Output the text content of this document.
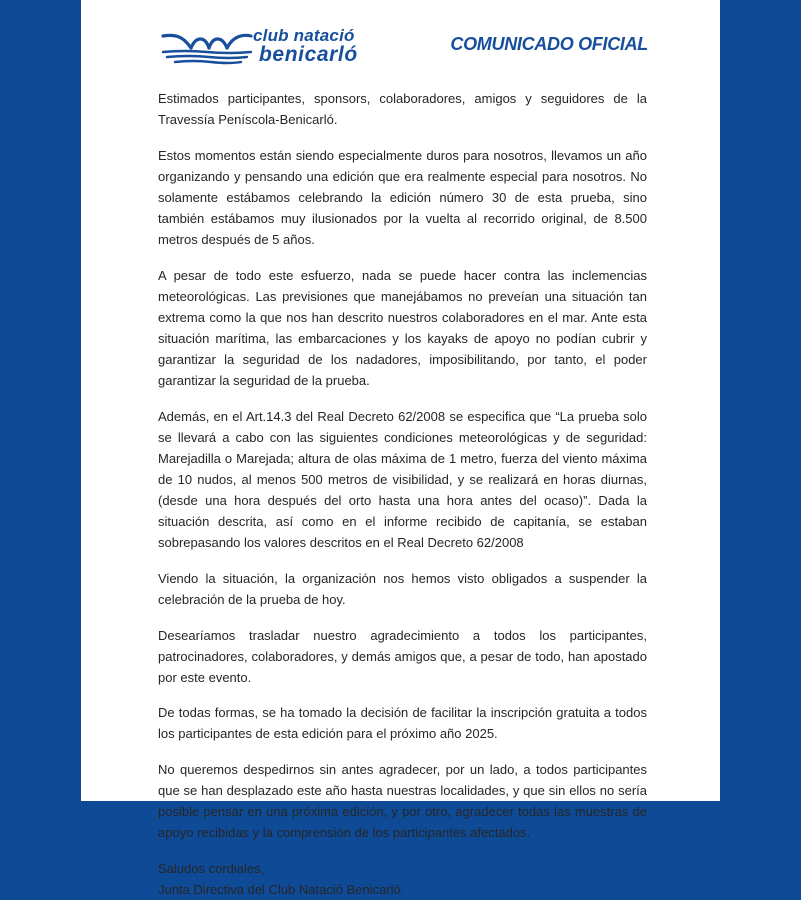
club natació
benicarló	COMUNICADO OFICIAL

Estimados participantes, sponsors, colaboradores, amigos y seguidores de la Travessía Peníscola-Benicarló.

Estos momentos están siendo especialmente duros para nosotros, llevamos un año organizando y pensando una edición que era realmente especial para nosotros. No solamente estábamos celebrando la edición número 30 de esta prueba, sino también estábamos muy ilusionados por la vuelta al recorrido original, de 8.500 metros después de 5 años.

A pesar de todo este esfuerzo, nada se puede hacer contra las inclemencias meteorológicas. Las previsiones que manejábamos no preveían una situación tan extrema como la que nos han descrito nuestros colaboradores en el mar. Ante esta situación marítima, las embarcaciones y los kayaks de apoyo no podían cubrir y garantizar la seguridad de los nadadores, imposibilitando, por tanto, el poder garantizar la seguridad de la prueba.

Además, en el Art.14.3 del Real Decreto 62/2008 se especifica que “La prueba solo se llevará a cabo con las siguientes condiciones meteorológicas y de seguridad: Marejadilla o Marejada; altura de olas máxima de 1 metro, fuerza del viento máxima de 10 nudos, al menos 500 metros de visibilidad, y se realizará en horas diurnas, (desde una hora después del orto hasta una hora antes del ocaso)”. Dada la situación descrita, así como en el informe recibido de capitanía, se estaban sobrepasando los valores descritos en el Real Decreto 62/2008

Viendo la situación, la organización nos hemos visto obligados a suspender la celebración de la prueba de hoy.

Desearíamos trasladar nuestro agradecimiento a todos los participantes, patrocinadores, colaboradores, y demás amigos que, a pesar de todo, han apostado por este evento.

De todas formas, se ha tomado la decisión de facilitar la inscripción gratuita a todos los participantes de esta edición para el próximo año 2025.

No queremos despedirnos sin antes agradecer, por un lado, a todos participantes que se han desplazado este año hasta nuestras localidades, y que sin ellos no sería posible pensar en una próxima edición, y por otro, agradecer todas las muestras de apoyo recibidas y la comprensión de los participantes afectados.

Saludos cordiales,

Junta Directiva del Club Natació Benicarló.
